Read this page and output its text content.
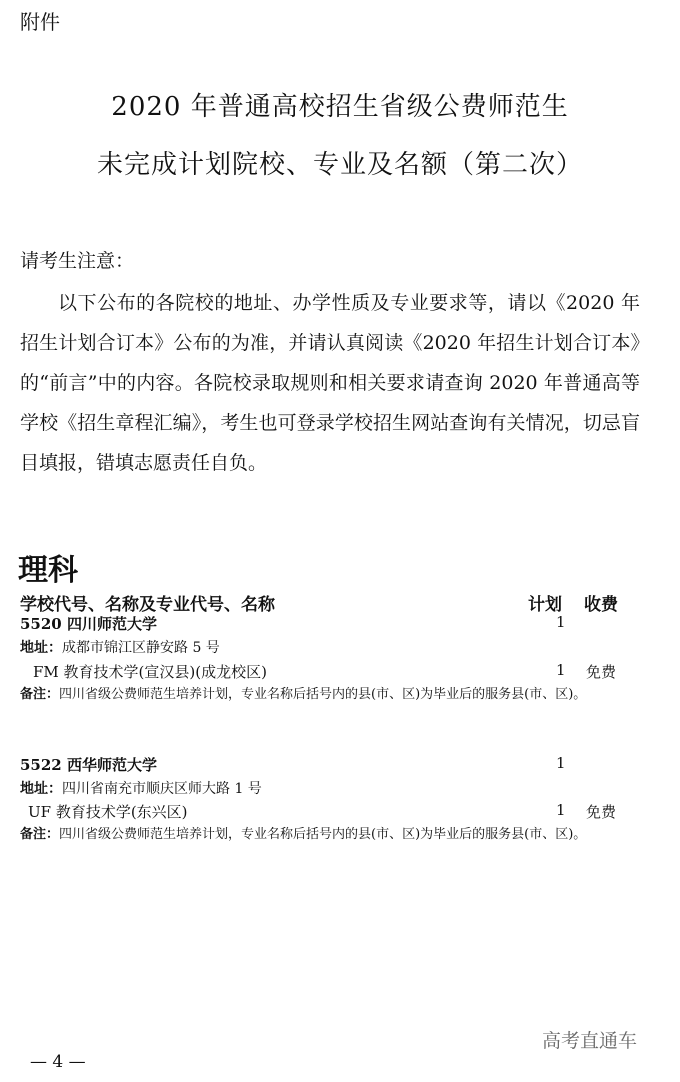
附件
2020 年普通高校招生省级公费师范生
未完成计划院校、专业及名额（第二次）
请考生注意：
以下公布的各院校的地址、办学性质及专业要求等，请以《2020 年招生计划合订本》公布的为准，并请认真阅读《2020 年招生计划合订本》的“前言”中的内容。各院校录取规则和相关要求请查询 2020 年普通高等学校《招生章程汇编》，考生也可登录学校招生网站查询有关情况，切忌盲目填报，错填志愿责任自负。
理科
学校代号、名称及专业代号、名称	计划 收费
5520 四川师范大学	1
地址：成都市锦江区静安路 5 号
FM 教育技术学(宣汉县)(成龙校区)	1 免费
备注：四川省级公费师范生培养计划，专业名称后括号内的县(市、区)为毕业后的服务县(市、区)。
5522 西华师范大学	1
地址：四川省南充市顺庆区师大路 1 号
UF 教育技术学(东兴区)	1 免费
备注：四川省级公费师范生培养计划，专业名称后括号内的县(市、区)为毕业后的服务县(市、区)。
高考直通车
— 4 —
